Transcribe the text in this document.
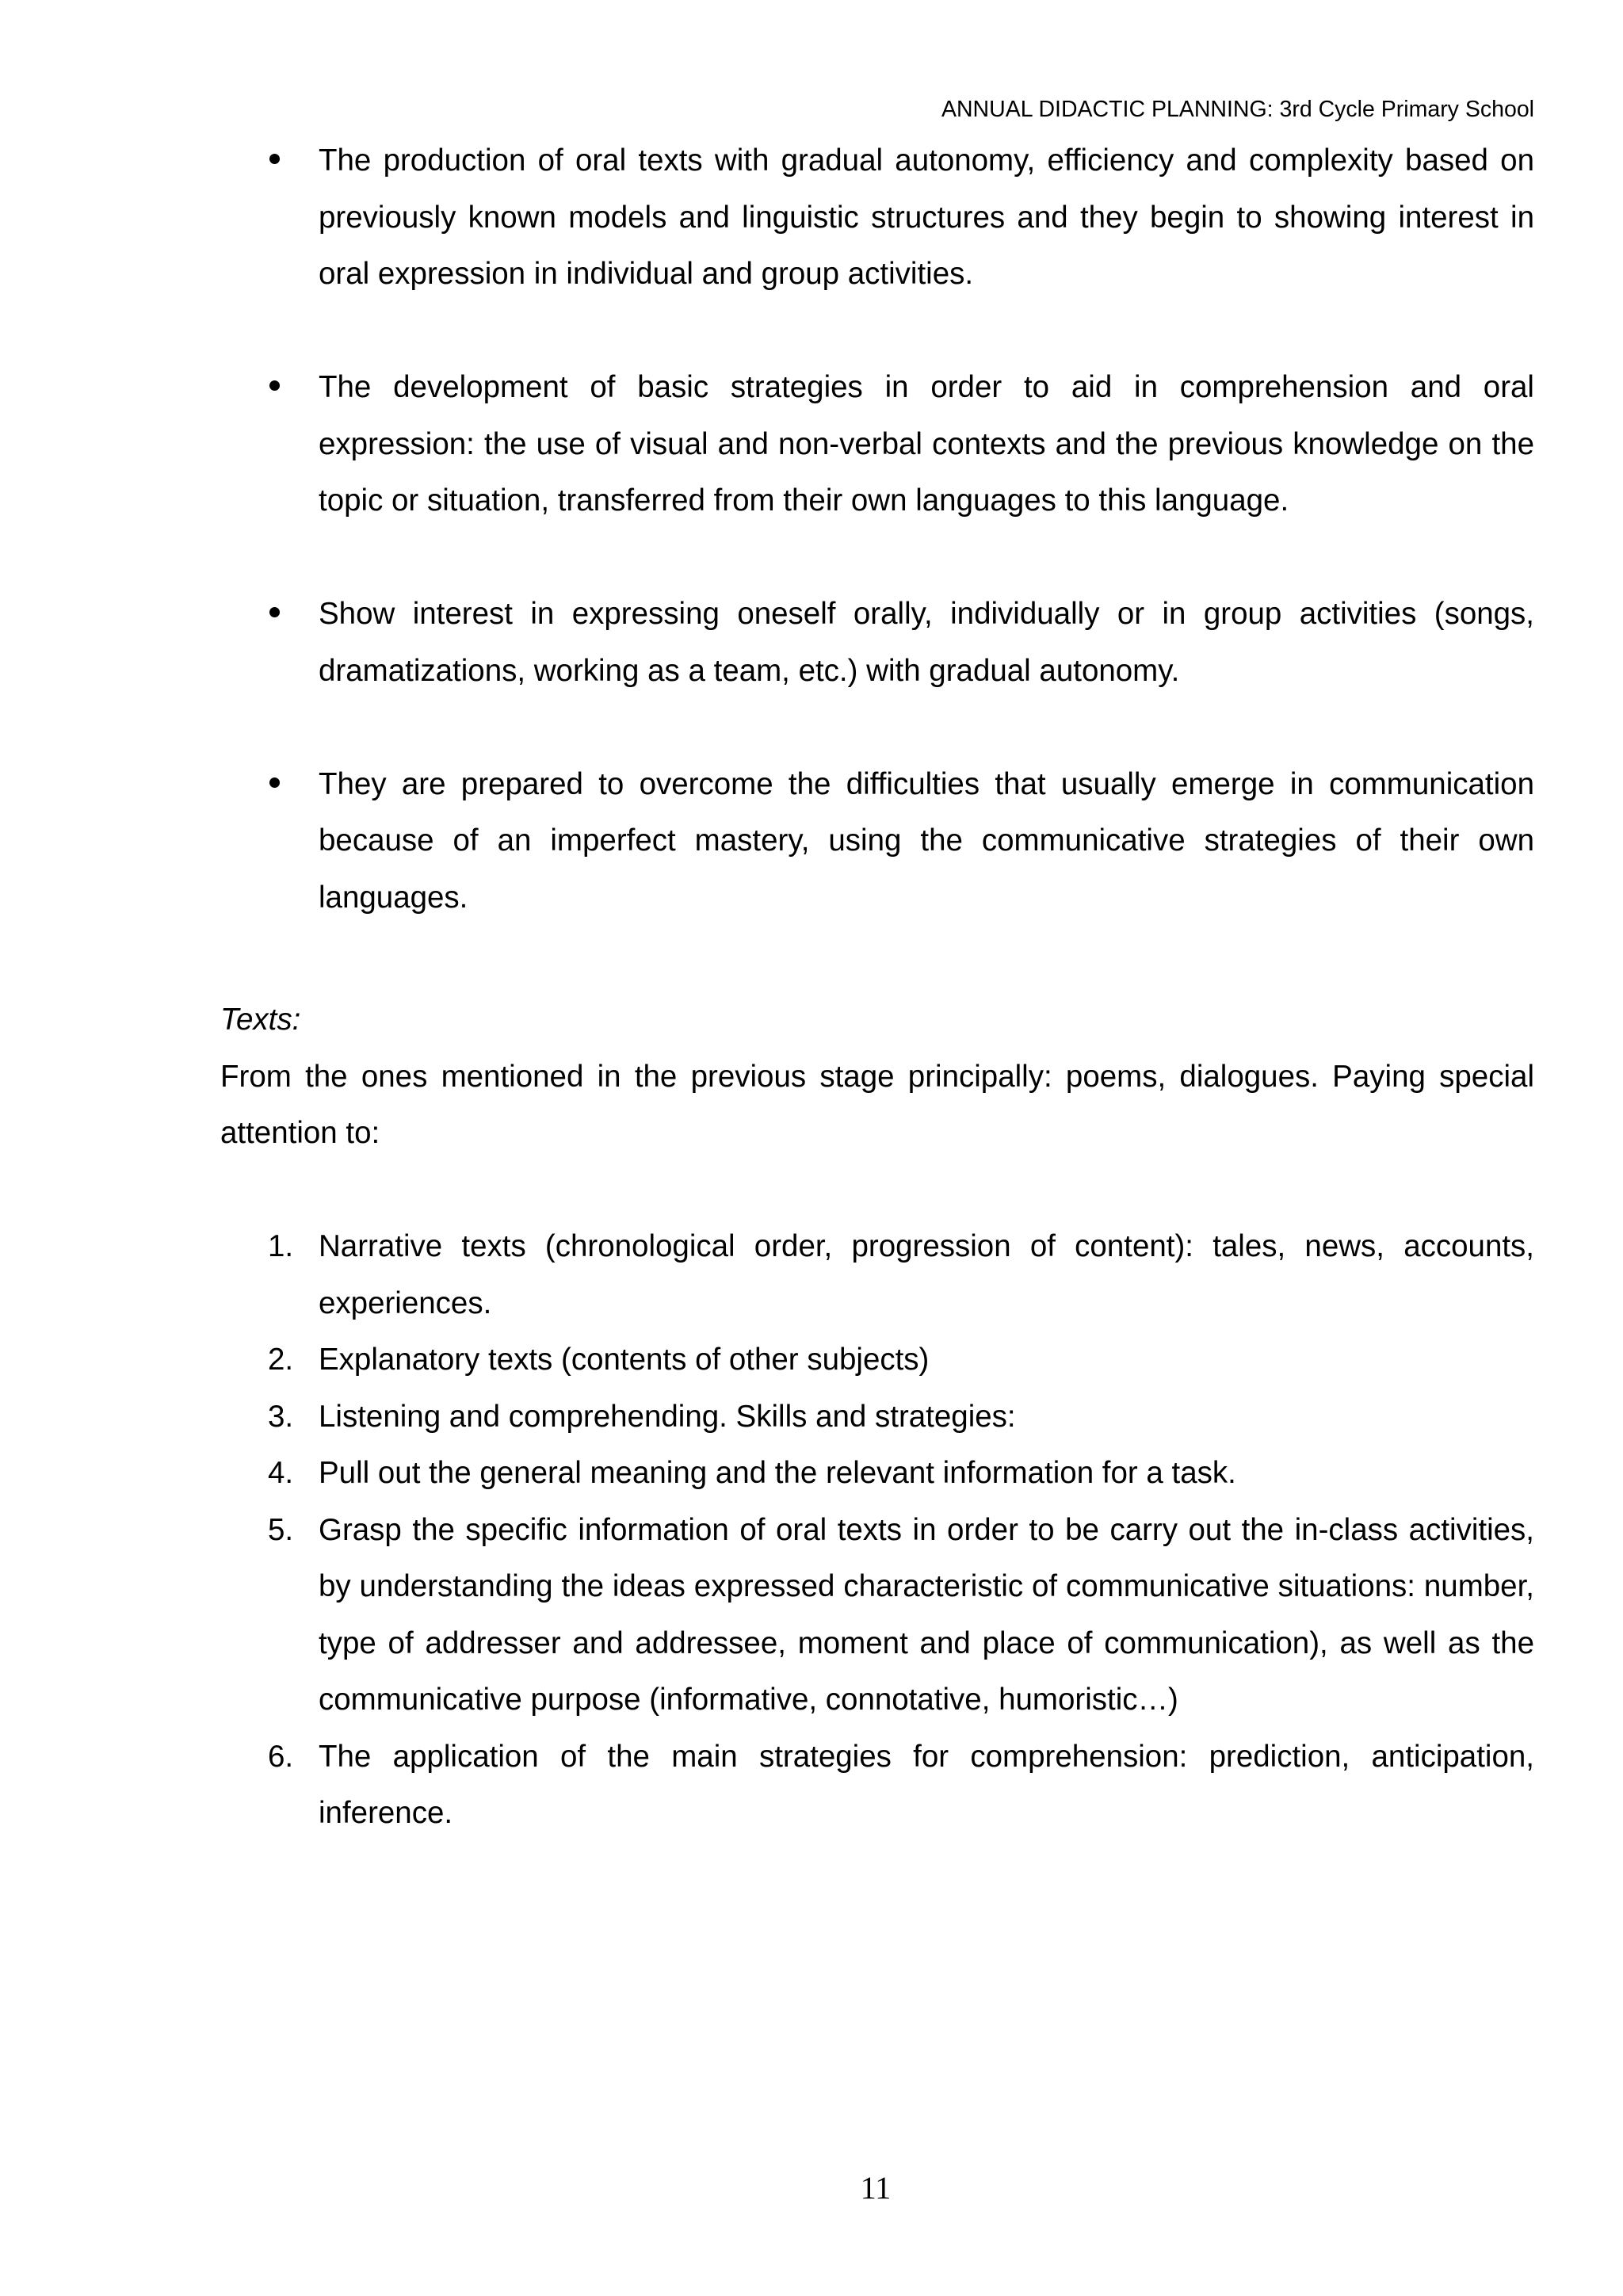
ANNUAL DIDACTIC PLANNING: 3rd Cycle Primary School
The production of oral texts with gradual autonomy, efficiency and complexity based on previously known models and linguistic structures and they begin to showing interest in oral expression in individual and group activities.
The development of basic strategies in order to aid in comprehension and oral expression: the use of visual and non-verbal contexts and the previous knowledge on the topic or situation, transferred from their own languages to this language.
Show interest in expressing oneself orally, individually or in group activities (songs, dramatizations, working as a team, etc.) with gradual autonomy.
They are prepared to overcome the difficulties that usually emerge in communication because of an imperfect mastery, using the communicative strategies of their own languages.
Texts:
From the ones mentioned in the previous stage principally: poems, dialogues. Paying special attention to:
1. Narrative texts (chronological order, progression of content): tales, news, accounts, experiences.
2. Explanatory texts (contents of other subjects)
3. Listening and comprehending. Skills and strategies:
4. Pull out the general meaning and the relevant information for a task.
5. Grasp the specific information of oral texts in order to be carry out the in-class activities, by understanding the ideas expressed characteristic of communicative situations: number, type of addresser and addressee, moment and place of communication), as well as the communicative purpose (informative, connotative, humoristic…)
6. The application of the main strategies for comprehension: prediction, anticipation, inference.
11
